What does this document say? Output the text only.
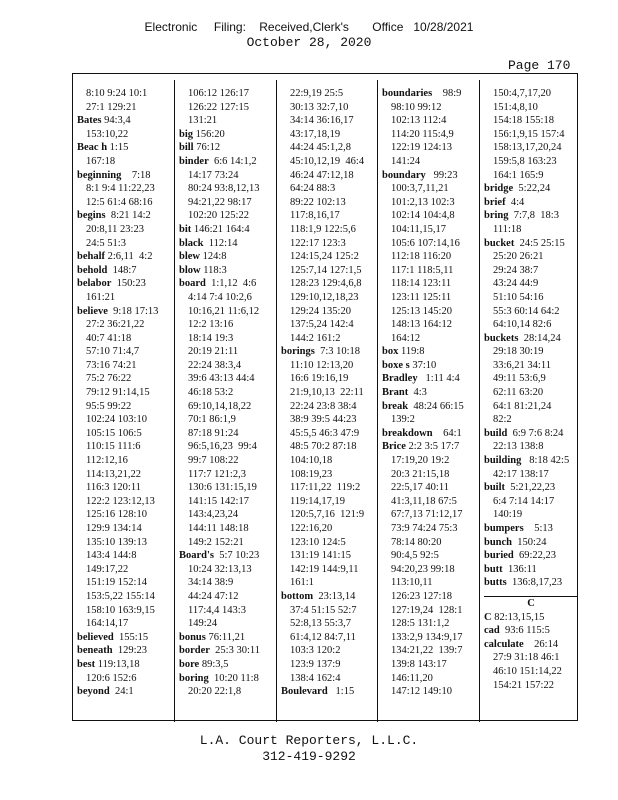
Electronic     Filing:    Received,Clerk's       Office   10/28/2021
October 28, 2020
Page 170
8:10 9:24 10:1
27:1 129:21
Bates 94:3,4
153:10,22
Beac h 1:15
167:18
beginning    7:18
8:1 9:4 11:22,23
12:5 61:4 68:16
begins  8:21 14:2
20:8,11 23:23
24:5 51:3
behalf 2:6,11  4:2
behold  148:7
belabor  150:23
161:21
believe  9:18 17:13
27:2 36:21,22
40:7 41:18
57:10 71:4,7
73:16 74:21
75:2 76:22
79:12 91:14,15
95:5 99:22
102:24 103:10
105:15 106:5
110:15 111:6
112:12,16
114:13,21,22
116:3 120:11
122:2 123:12,13
125:16 128:10
129:9 134:14
135:10 139:13
143:4 144:8
149:17,22
151:19 152:14
153:5,22 155:14
158:10 163:9,15
164:14,17
believed  155:15
beneath  129:23
best 119:13,18
120:6 152:6
beyond  24:1
106:12 126:17
126:22 127:15
131:21
big 156:20
bill 76:12
binder  6:6 14:1,2
14:17 73:24
80:24 93:8,12,13
94:21,22 98:17
102:20 125:22
bit 146:21 164:4
black  112:14
blew 124:8
blow 118:3
board  1:1,12  4:6
4:14 7:4 10:2,6
10:16,21 11:6,12
12:2 13:16
18:14 19:3
20:19 21:11
22:24 38:3,4
39:6 43:13 44:4
46:18 53:2
69:10,14,18,22
70:1 86:1,9
87:18 91:24
96:5,16,23  99:4
99:7 108:22
117:7 121:2,3
130:6 131:15,19
141:15 142:17
143:4,23,24
144:11 148:18
149:2 152:21
Board's  5:7 10:23
10:24 32:13,13
34:14 38:9
44:24 47:12
117:4,4 143:3
149:24
bonus 76:11,21
border  25:3 30:11
bore 89:3,5
boring  10:20 11:8
20:20 22:1,8
22:9,19 25:5
30:13 32:7,10
34:14 36:16,17
43:17,18,19
44:24 45:1,2,8
45:10,12,19  46:4
46:24 47:12,18
64:24 88:3
89:22 102:13
117:8,16,17
118:1,9 122:5,6
122:17 123:3
124:15,24 125:2
125:7,14 127:1,5
128:23 129:4,6,8
129:10,12,18,23
129:24 135:20
137:5,24 142:4
144:2 161:2
borings  7:3 10:18
11:10 12:13,20
16:6 19:16,19
21:9,10,13  22:11
22:24 23:8 38:4
38:9 39:5 44:23
45:5,5 46:3 47:9
48:5 70:2 87:18
104:10,18
108:19,23
117:11,22  119:2
119:14,17,19
120:5,7,16  121:9
122:16,20
123:10 124:5
131:19 141:15
142:19 144:9,11
161:1
bottom  23:13,14
37:4 51:15 52:7
52:8,13 55:3,7
61:4,12 84:7,11
103:3 120:2
123:9 137:9
138:4 162:4
Boulevard   1:15
boundaries    98:9
98:10 99:12
102:13 112:4
114:20 115:4,9
122:19 124:13
141:24
boundary   99:23
100:3,7,11,21
101:2,13 102:3
102:14 104:4,8
104:11,15,17
105:6 107:14,16
112:18 116:20
117:1 118:5,11
118:14 123:11
123:11 125:11
125:13 145:20
148:13 164:12
164:12
box 119:8
boxe s 37:10
Bradley   1:11 4:4
Brant  4:3
break  48:24 66:15
139:2
breakdown    64:1
Brice 2:2 3:5 17:7
17:19,20 19:2
20:3 21:15,18
22:5,17 40:11
41:3,11,18 67:5
67:7,13 71:12,17
73:9 74:24 75:3
78:14 80:20
90:4,5 92:5
94:20,23 99:18
113:10,11
126:23 127:18
127:19,24  128:1
128:5 131:1,2
133:2,9 134:9,17
134:21,22  139:7
139:8 143:17
146:11,20
147:12 149:10
150:4,7,17,20
151:4,8,10
154:18 155:18
156:1,9,15 157:4
158:13,17,20,24
159:5,8 163:23
164:1 165:9
bridge  5:22,24
brief  4:4
bring  7:7,8  18:3
111:18
bucket  24:5 25:15
25:20 26:21
29:24 38:7
43:24 44:9
51:10 54:16
55:3 60:14 64:2
64:10,14 82:6
buckets  28:14,24
29:18 30:19
33:6,21 34:11
49:11 53:6,9
62:11 63:20
64:1 81:21,24
82:2
build  6:9 7:6 8:24
22:13 138:8
building   8:18 42:5
42:17 138:17
built  5:21,22,23
6:4 7:14 14:17
140:19
bumpers    5:13
bunch  150:24
buried  69:22,23
butt  136:11
butts  136:8,17,23
C
C 82:13,15,15
cad  93:6 115:5
calculate    26:14
27:9 31:18 46:1
46:10 151:14,22
154:21 157:22
L.A. Court Reporters, L.L.C.
312-419-9292
